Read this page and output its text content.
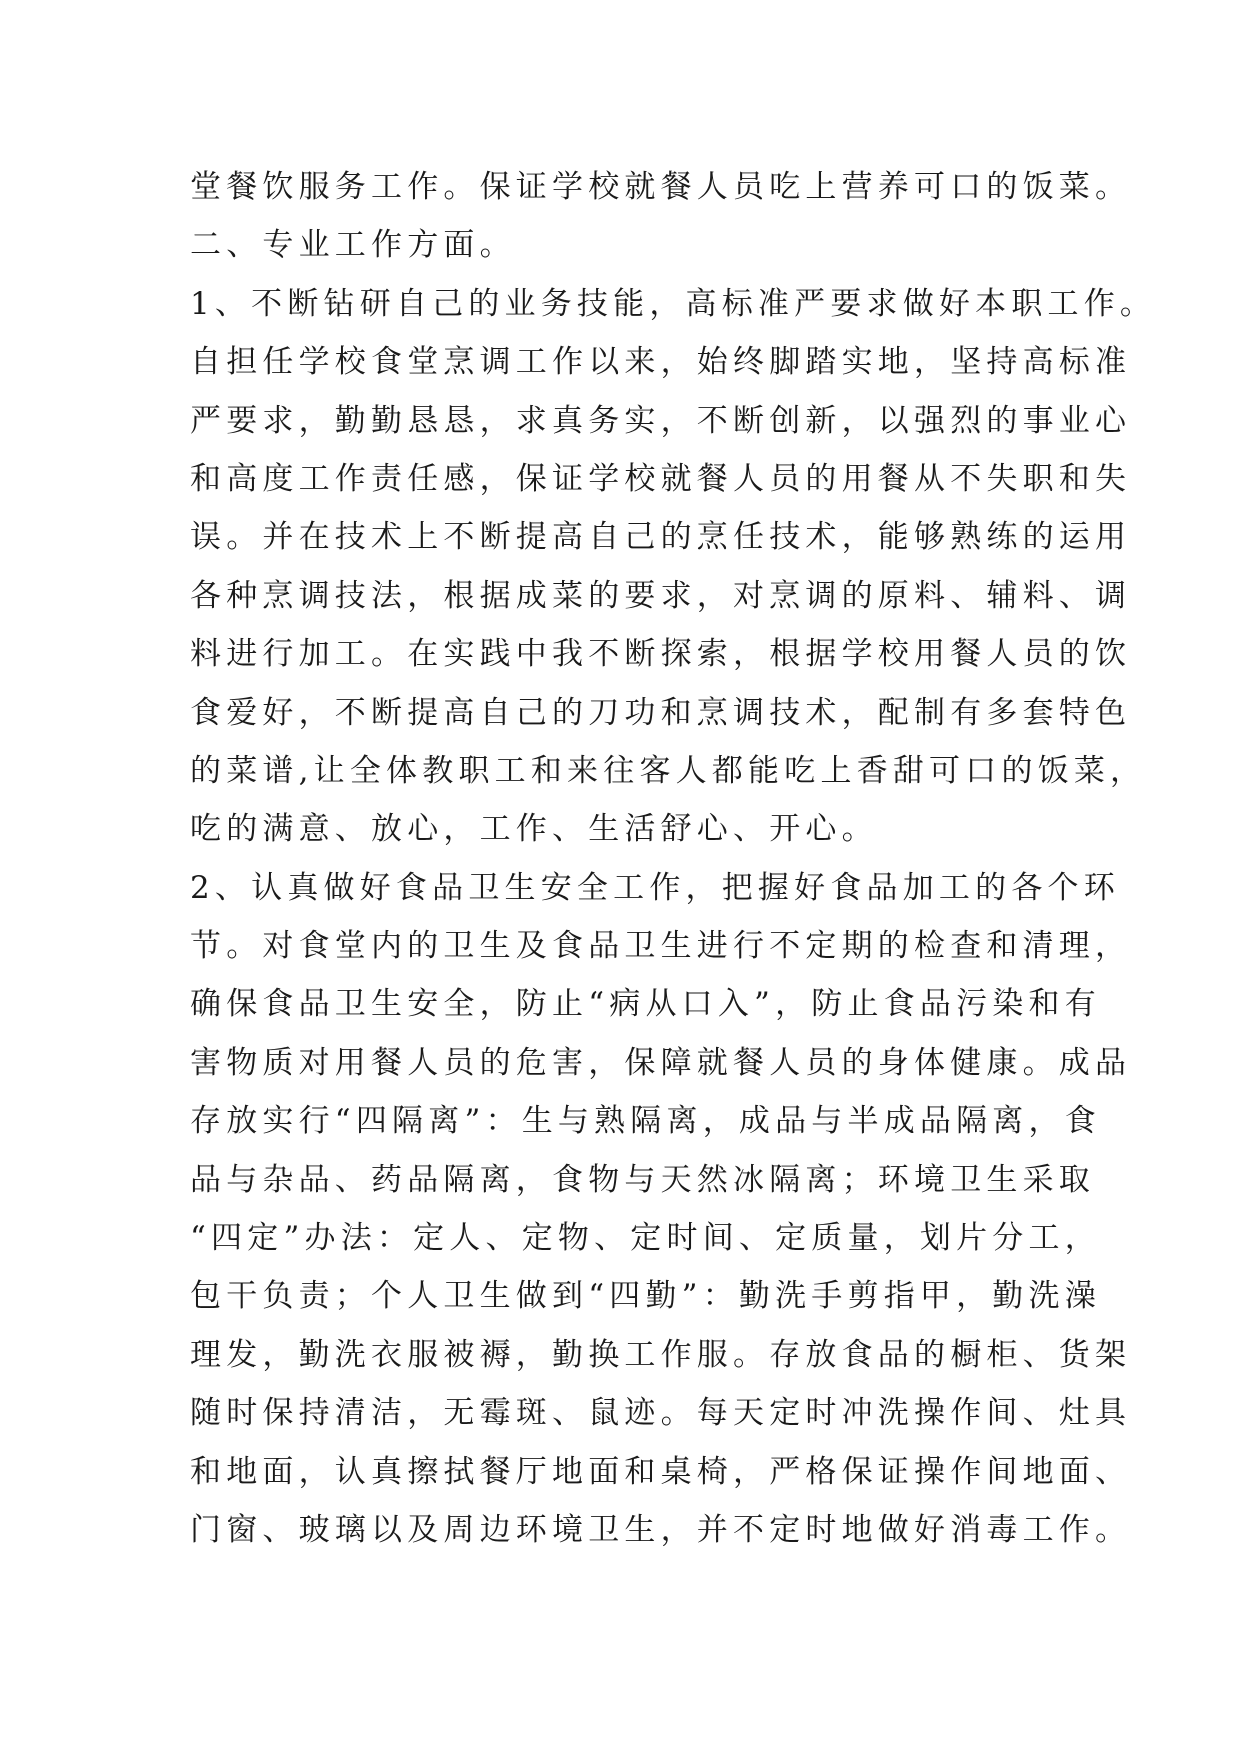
堂餐饮服务工作。保证学校就餐人员吃上营养可口的饭菜。
二、专业工作方面。
1、不断钻研自己的业务技能，高标准严要求做好本职工作。
自担任学校食堂烹调工作以来，始终脚踏实地，坚持高标准
严要求，勤勤恳恳，求真务实，不断创新，以强烈的事业心
和高度工作责任感，保证学校就餐人员的用餐从不失职和失
误。并在技术上不断提高自己的烹任技术，能够熟练的运用
各种烹调技法，根据成菜的要求，对烹调的原料、辅料、调
料进行加工。在实践中我不断探索，根据学校用餐人员的饮
食爱好，不断提高自己的刀功和烹调技术，配制有多套特色
的菜谱,让全体教职工和来往客人都能吃上香甜可口的饭菜，
吃的满意、放心，工作、生活舒心、开心。
2、认真做好食品卫生安全工作，把握好食品加工的各个环
节。对食堂内的卫生及食品卫生进行不定期的检查和清理，
确保食品卫生安全，防止“病从口入”，防止食品污染和有
害物质对用餐人员的危害，保障就餐人员的身体健康。成品
存放实行“四隔离”：生与熟隔离，成品与半成品隔离，食
品与杂品、药品隔离，食物与天然冰隔离；环境卫生采取
“四定”办法：定人、定物、定时间、定质量，划片分工，
包干负责；个人卫生做到“四勤”：勤洗手剪指甲，勤洗澡
理发，勤洗衣服被褥，勤换工作服。存放食品的橱柜、货架
随时保持清洁，无霉斑、鼠迹。每天定时冲洗操作间、灶具
和地面，认真擦拭餐厅地面和桌椅，严格保证操作间地面、
门窗、玻璃以及周边环境卫生，并不定时地做好消毒工作。
